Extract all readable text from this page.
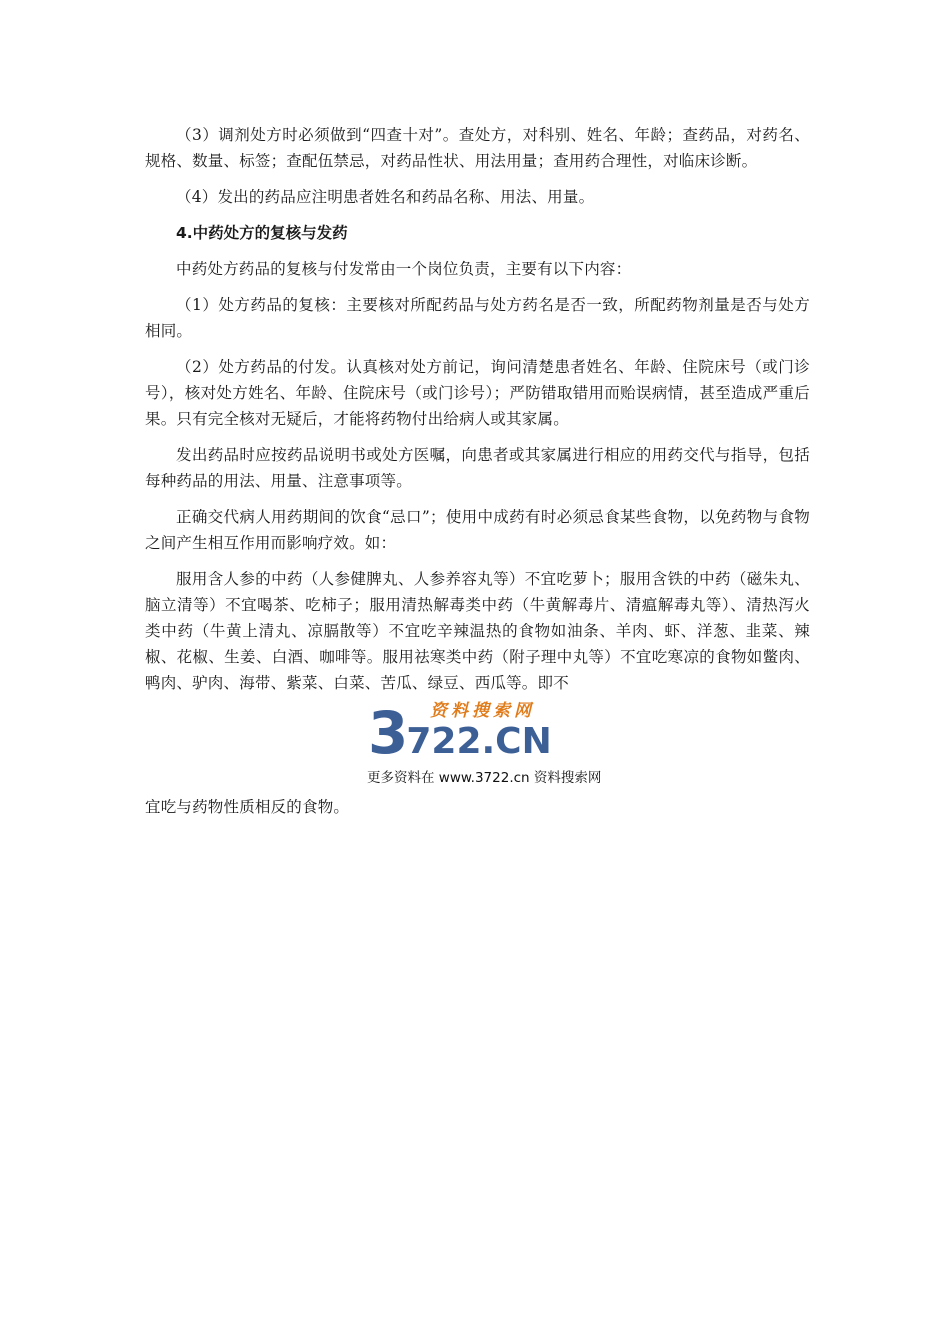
（3）调剂处方时必须做到“四查十对”。查处方，对科别、姓名、年龄；查药品，对药名、规格、数量、标签；查配伍禁忌，对药品性状、用法用量；查用药合理性，对临床诊断。

（4）发出的药品应注明患者姓名和药品名称、用法、用量。

4.中药处方的复核与发药

中药处方药品的复核与付发常由一个岗位负责，主要有以下内容：

（1）处方药品的复核：主要核对所配药品与处方药名是否一致，所配药物剂量是否与处方相同。

（2）处方药品的付发。认真核对处方前记，询问清楚患者姓名、年龄、住院床号（或门诊号），核对处方姓名、年龄、住院床号（或门诊号）；严防错取错用而贻误病情，甚至造成严重后果。只有完全核对无疑后，才能将药物付出给病人或其家属。

发出药品时应按药品说明书或处方医嘱，向患者或其家属进行相应的用药交代与指导，包括每种药品的用法、用量、注意事项等。

正确交代病人用药期间的饮食“忌口”；使用中成药有时必须忌食某些食物，以免药物与食物之间产生相互作用而影响疗效。如：

服用含人参的中药（人参健脾丸、人参养容丸等）不宜吃萝卜；服用含铁的中药（磁朱丸、脑立清等）不宜喝茶、吃柿子；服用清热解毒类中药（牛黄解毒片、清瘟解毒丸等）、清热泻火类中药（牛黄上清丸、凉膈散等）不宜吃辛辣温热的食物如油条、羊肉、虾、洋葱、韭菜、辣椒、花椒、生姜、白酒、咖啡等。服用祛寒类中药（附子理中丸等）不宜吃寒凉的食物如鳖肉、鸭肉、驴肉、海带、紫菜、白菜、苦瓜、绿豆、西瓜等。即不

资料搜索网
3722.CN
更多资料在 www.3722.cn 资料搜索网

宜吃与药物性质相反的食物。
